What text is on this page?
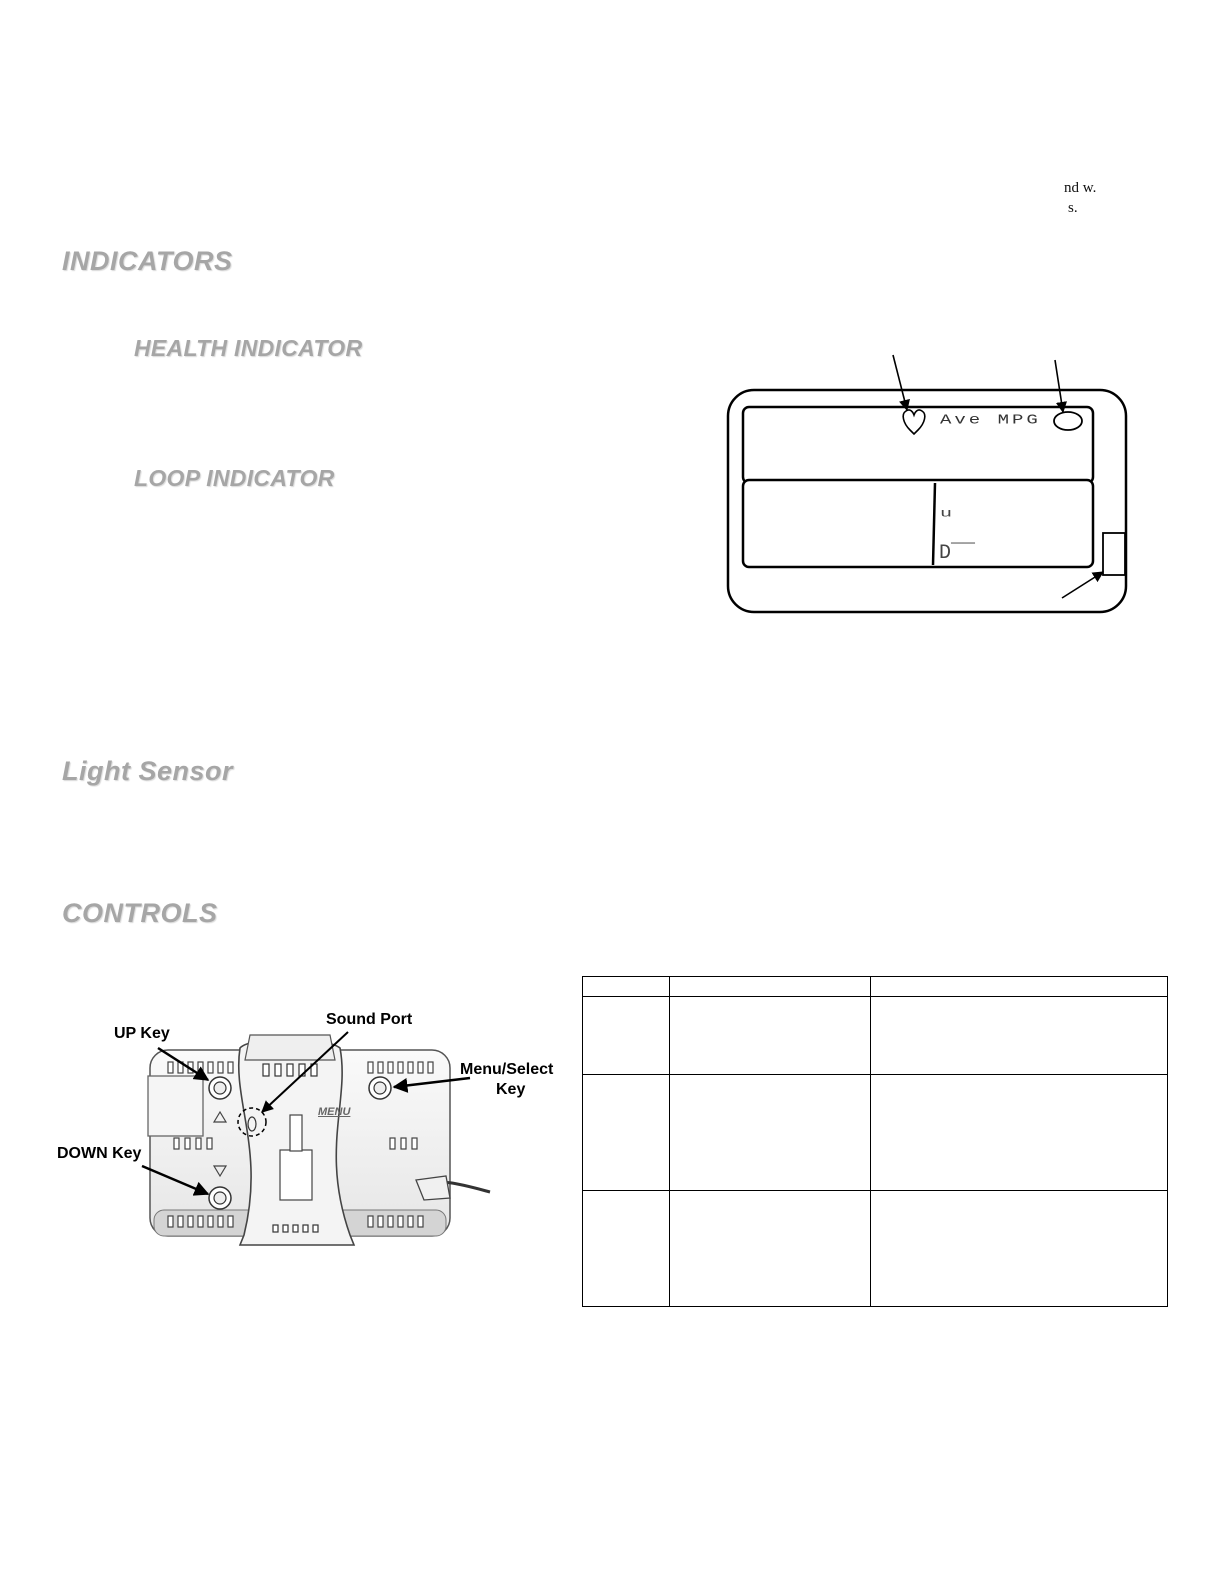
nd w.
s.
INDICATORS
HEALTH INDICATOR
LOOP INDICATOR
Light Sensor
CONTROLS
Ave MPG
u
D‾‾
MENU
UP Key
Sound Port
Menu/Select
Key
DOWN Key
